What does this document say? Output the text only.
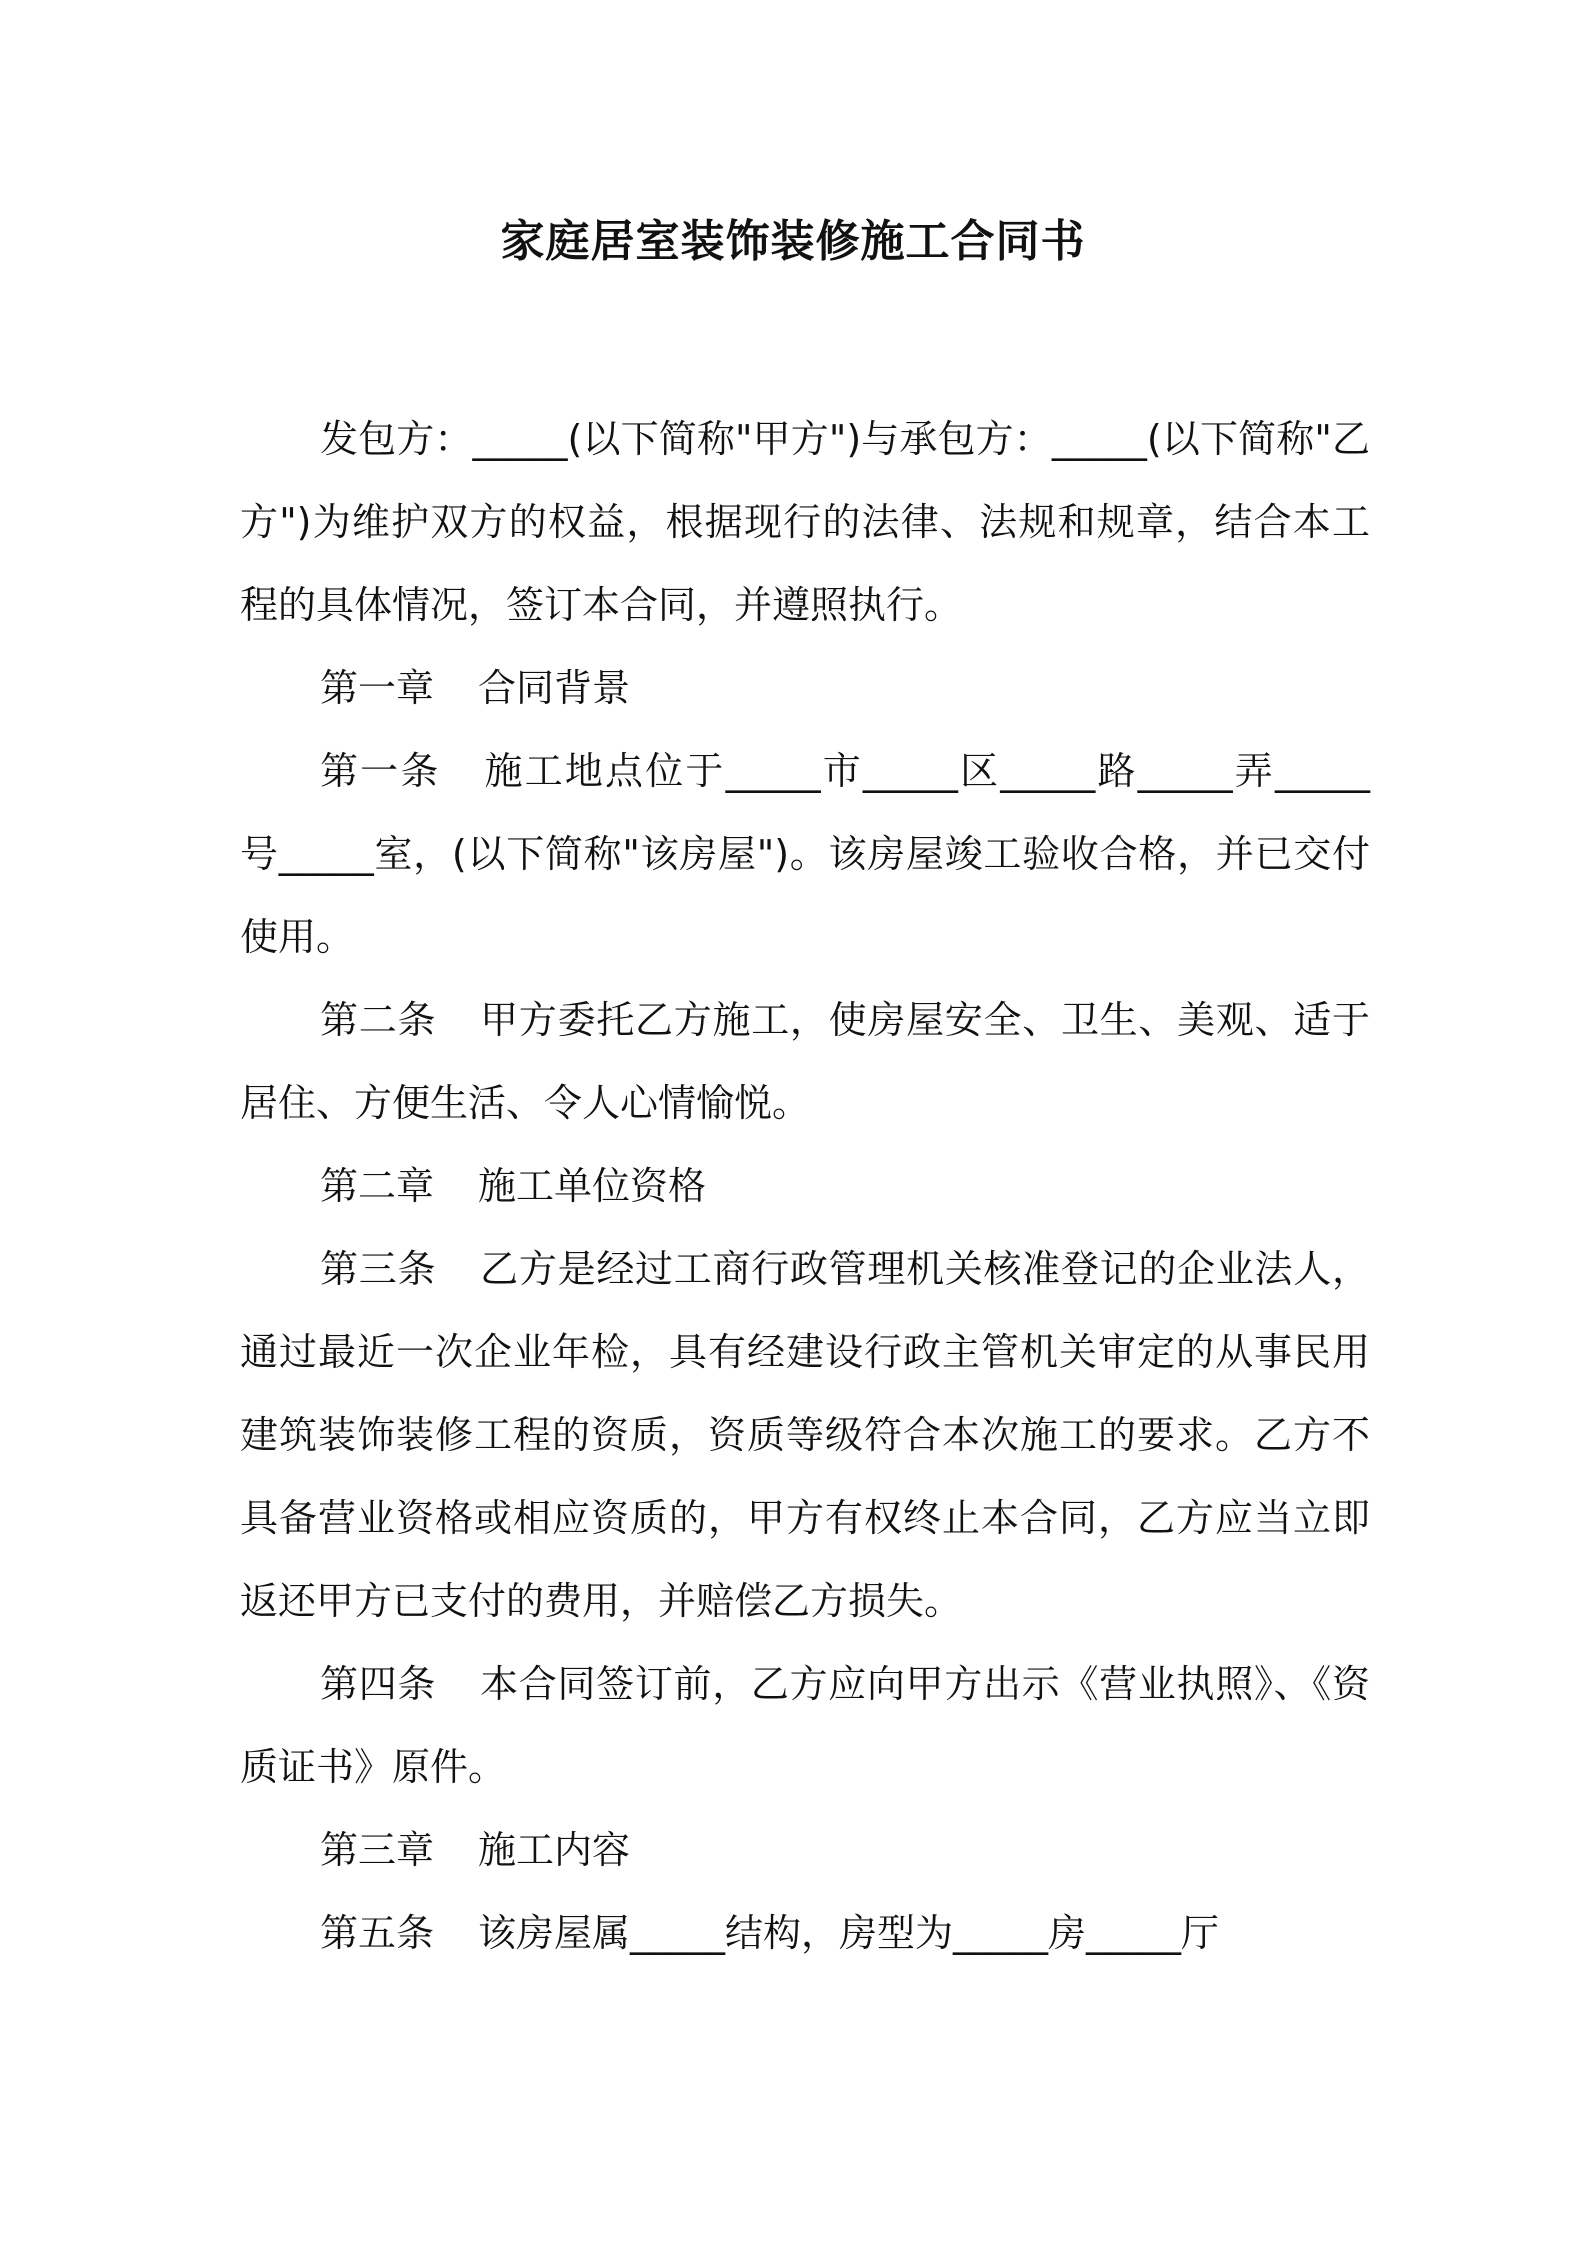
家庭居室装饰装修施工合同书

发包方：_____(以下简称"甲方")与承包方：_____(以下简称"乙方")为维护双方的权益，根据现行的法律、法规和规章，结合本工程的具体情况，签订本合同，并遵照执行。

第一章 合同背景

第一条 施工地点位于_____市_____区_____路_____弄_____号_____室，(以下简称"该房屋")。该房屋竣工验收合格，并已交付使用。

第二条 甲方委托乙方施工，使房屋安全、卫生、美观、适于居住、方便生活、令人心情愉悦。

第二章 施工单位资格

第三条 乙方是经过工商行政管理机关核准登记的企业法人，通过最近一次企业年检，具有经建设行政主管机关审定的从事民用建筑装饰装修工程的资质，资质等级符合本次施工的要求。乙方不具备营业资格或相应资质的，甲方有权终止本合同，乙方应当立即返还甲方已支付的费用，并赔偿乙方损失。

第四条 本合同签订前，乙方应向甲方出示《营业执照》、《资质证书》原件。

第三章 施工内容

第五条 该房屋属_____结构，房型为_____房_____厅
